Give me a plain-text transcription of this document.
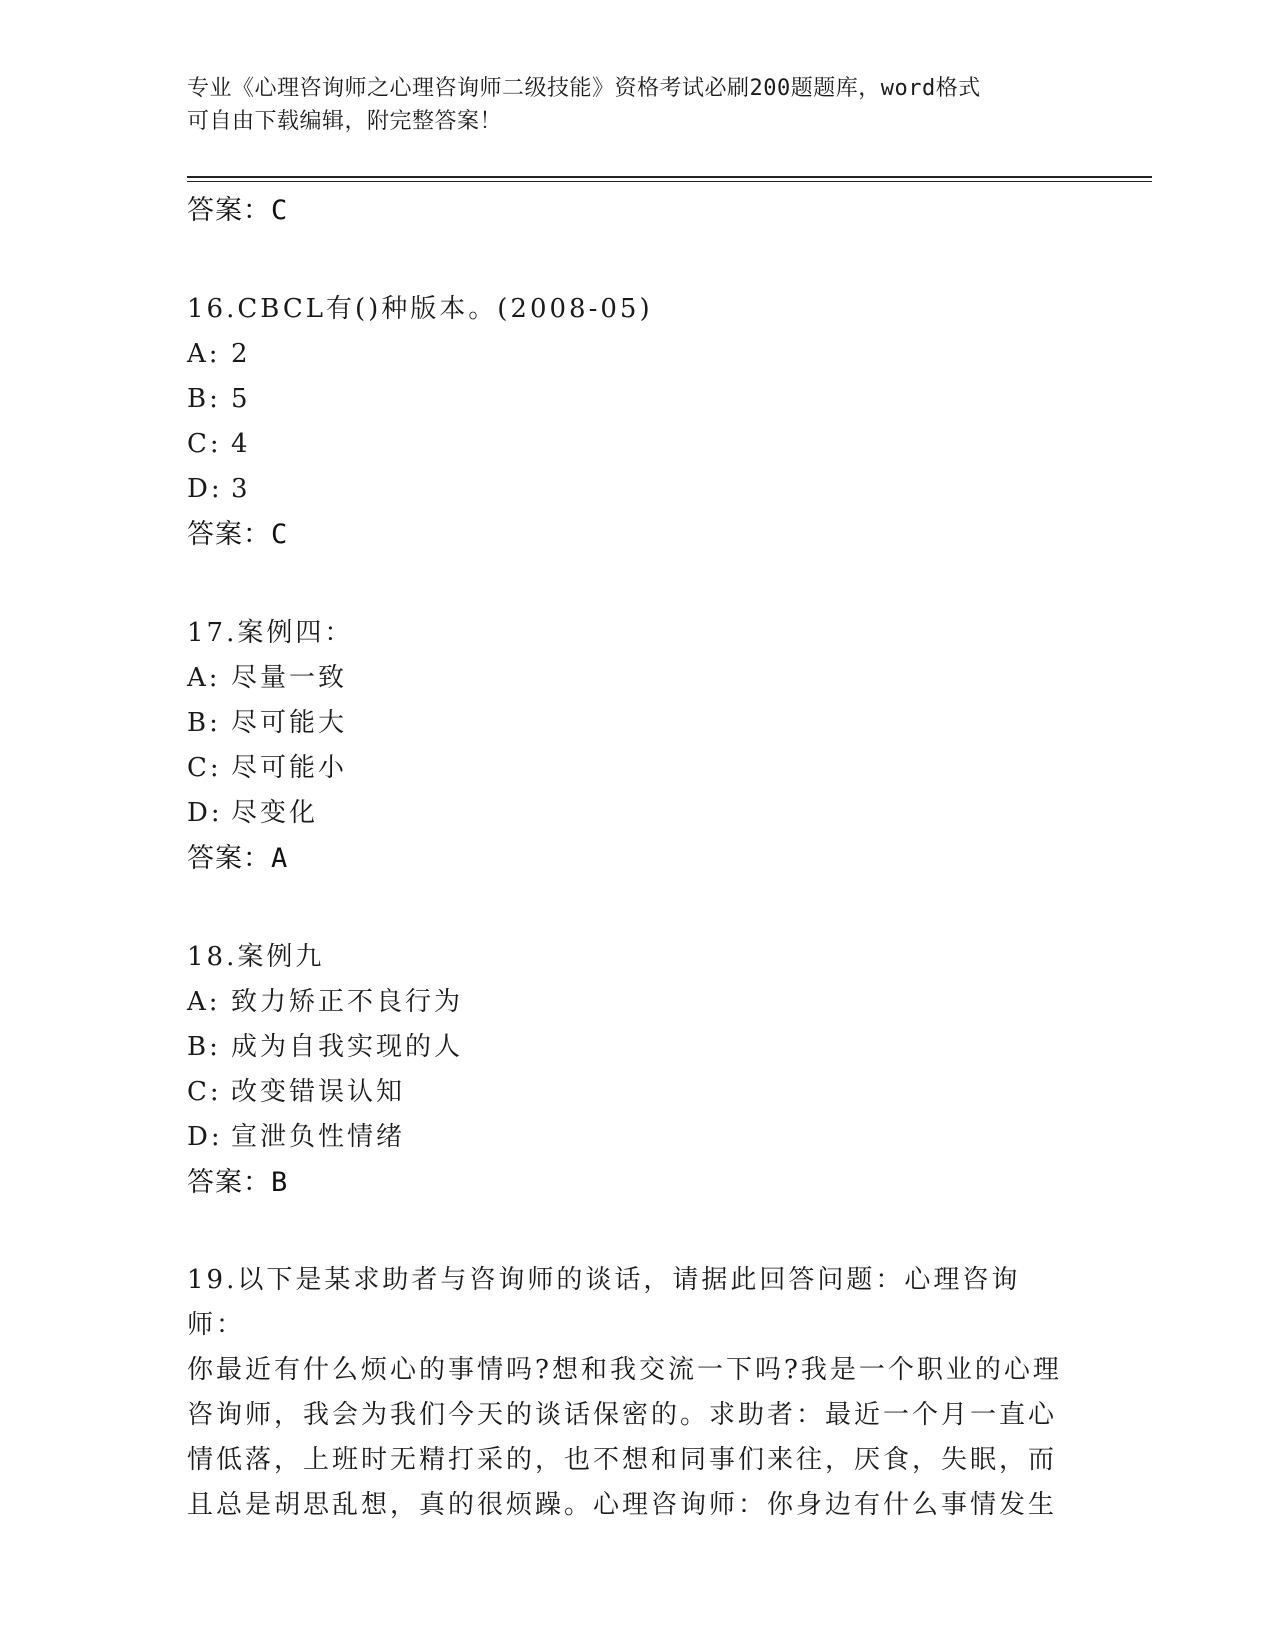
专业《心理咨询师之心理咨询师二级技能》资格考试必刷200题题库，word格式
可自由下载编辑，附完整答案！
答案：C
16.CBCL有()种版本。(2008-05)
A: 2
B: 5
C: 4
D: 3
答案：C
17.案例四：
A: 尽量一致
B: 尽可能大
C: 尽可能小
D: 尽变化
答案：A
18.案例九
A: 致力矫正不良行为
B: 成为自我实现的人
C: 改变错误认知
D: 宣泄负性情绪
答案：B
19.以下是某求助者与咨询师的谈话，请据此回答问题：心理咨询师：
你最近有什么烦心的事情吗?想和我交流一下吗?我是一个职业的心理
咨询师，我会为我们今天的谈话保密的。求助者：最近一个月一直心
情低落，上班时无精打采的，也不想和同事们来往，厌食，失眠，而
且总是胡思乱想，真的很烦躁。心理咨询师：你身边有什么事情发生
